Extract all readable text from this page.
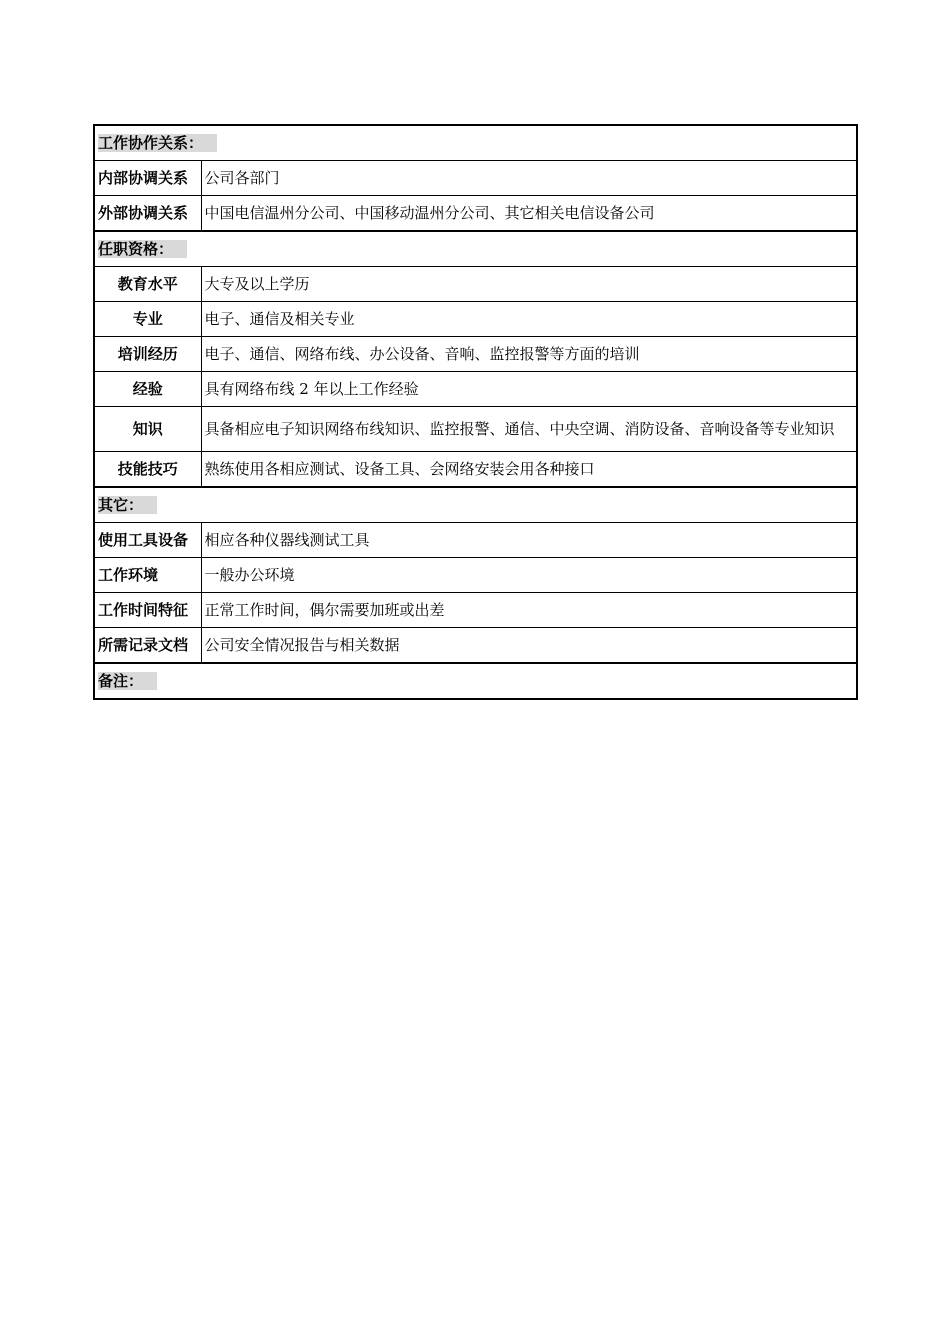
工作协作关系：	
内部协调关系	公司各部门
外部协调关系	中国电信温州分公司、中国移动温州分公司、其它相关电信设备公司
任职资格：	
教育水平	大专及以上学历
专业	电子、通信及相关专业
培训经历	电子、通信、网络布线、办公设备、音响、监控报警等方面的培训
经验	具有网络布线 2 年以上工作经验
知识	具备相应电子知识网络布线知识、监控报警、通信、中央空调、消防设备、音响设备等专业知识
技能技巧	熟练使用各相应测试、设备工具、会网络安装会用各种接口
其它：	
使用工具设备	相应各种仪器线测试工具
工作环境	一般办公环境
工作时间特征	正常工作时间，偶尔需要加班或出差
所需记录文档	公司安全情况报告与相关数据
备注：	
